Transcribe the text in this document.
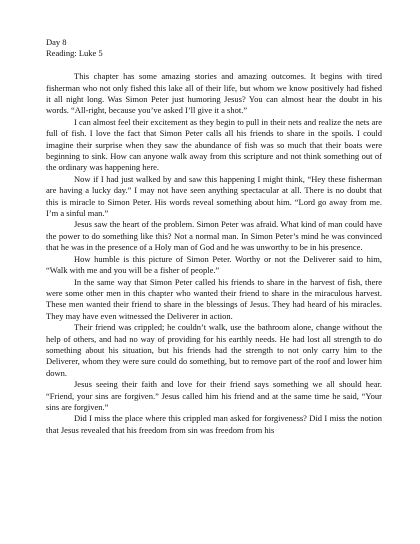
Day 8

Reading: Luke 5

This chapter has some amazing stories and amazing outcomes. It begins with tired fisherman who not only fished this lake all of their life, but whom we know positively had fished it all night long. Was Simon Peter just humoring Jesus? You can almost hear the doubt in his words. “All-right, because you’ve asked I’ll give it a shot.”

I can almost feel their excitement as they begin to pull in their nets and realize the nets are full of fish. I love the fact that Simon Peter calls all his friends to share in the spoils. I could imagine their surprise when they saw the abundance of fish was so much that their boats were beginning to sink. How can anyone walk away from this scripture and not think something out of the ordinary was happening here.

Now if I had just walked by and saw this happening I might think, “Hey these fisherman are having a lucky day.” I may not have seen anything spectacular at all. There is no doubt that this is miracle to Simon Peter. His words reveal something about him. “Lord go away from me. I’m a sinful man.”

Jesus saw the heart of the problem. Simon Peter was afraid. What kind of man could have the power to do something like this? Not a normal man. In Simon Peter’s mind he was convinced that he was in the presence of a Holy man of God and he was unworthy to be in his presence.

How humble is this picture of Simon Peter. Worthy or not the Deliverer said to him, “Walk with me and you will be a fisher of people.”

In the same way that Simon Peter called his friends to share in the harvest of fish, there were some other men in this chapter who wanted their friend to share in the miraculous harvest. These men wanted their friend to share in the blessings of Jesus. They had heard of his miracles. They may have even witnessed the Deliverer in action.

Their friend was crippled; he couldn’t walk, use the bathroom alone, change without the help of others, and had no way of providing for his earthly needs. He had lost all strength to do something about his situation, but his friends had the strength to not only carry him to the Deliverer, whom they were sure could do something, but to remove part of the roof and lower him down.

Jesus seeing their faith and love for their friend says something we all should hear. “Friend, your sins are forgiven.” Jesus called him his friend and at the same time he said, “Your sins are forgiven.”

Did I miss the place where this crippled man asked for forgiveness? Did I miss the notion that Jesus revealed that his freedom from sin was freedom from his
